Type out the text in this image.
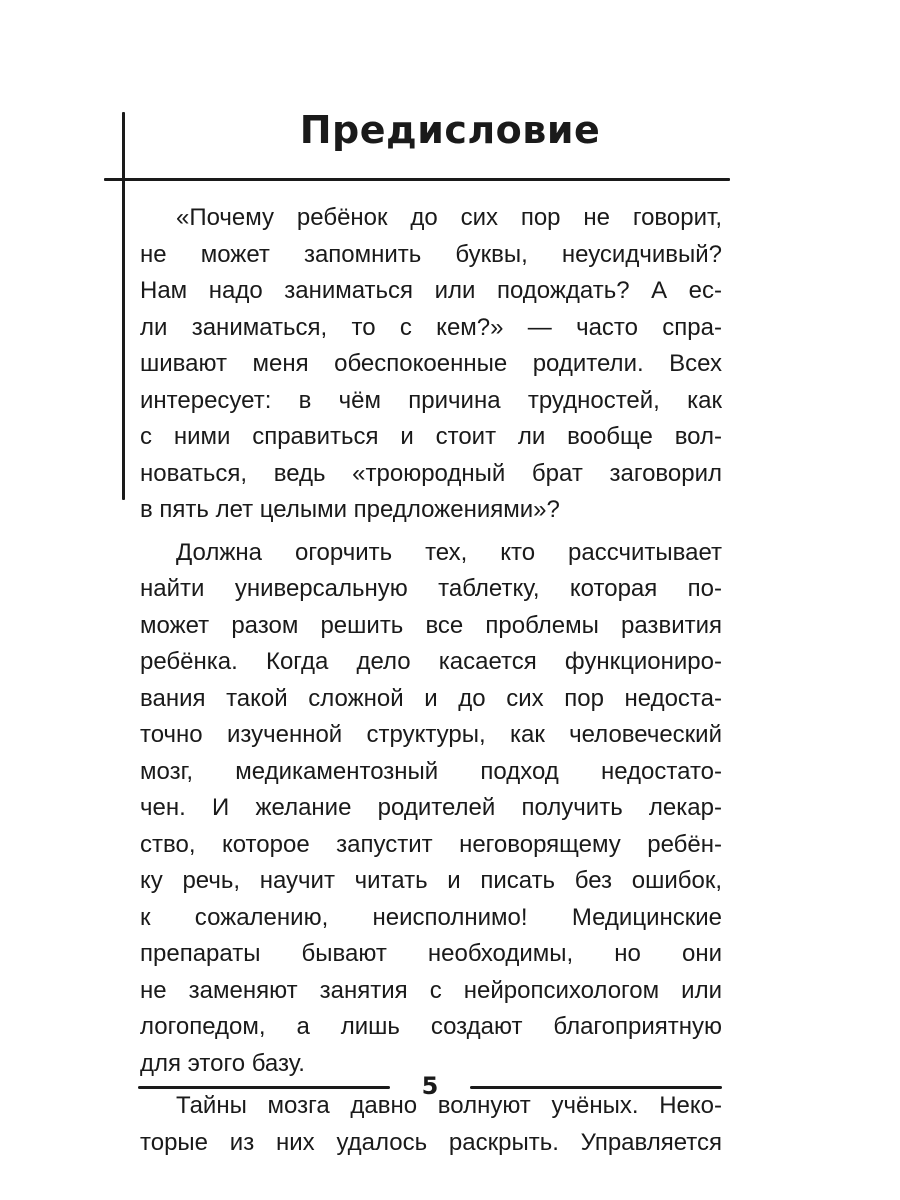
Предисловие
«Почему ребёнок до сих пор не говорит,
не может запомнить буквы, неусидчивый?
Нам надо заниматься или подождать? А ес-
ли заниматься, то с кем?» — часто спра-
шивают меня обеспокоенные родители. Всех
интересует: в чём причина трудностей, как
с ними справиться и стоит ли вообще вол-
новаться, ведь «троюродный брат заговорил
в пять лет целыми предложениями»?
Должна огорчить тех, кто рассчитывает
найти универсальную таблетку, которая по-
может разом решить все проблемы развития
ребёнка. Когда дело касается функциониро-
вания такой сложной и до сих пор недоста-
точно изученной структуры, как человеческий
мозг, медикаментозный подход недостато-
чен. И желание родителей получить лекар-
ство, которое запустит неговорящему ребён-
ку речь, научит читать и писать без ошибок,
к сожалению, неисполнимо! Медицинские
препараты бывают необходимы, но они
не заменяют занятия с нейропсихологом или
логопедом, а лишь создают благоприятную
для этого базу.
Тайны мозга давно волнуют учёных. Неко-
торые из них удалось раскрыть. Управляется
5
